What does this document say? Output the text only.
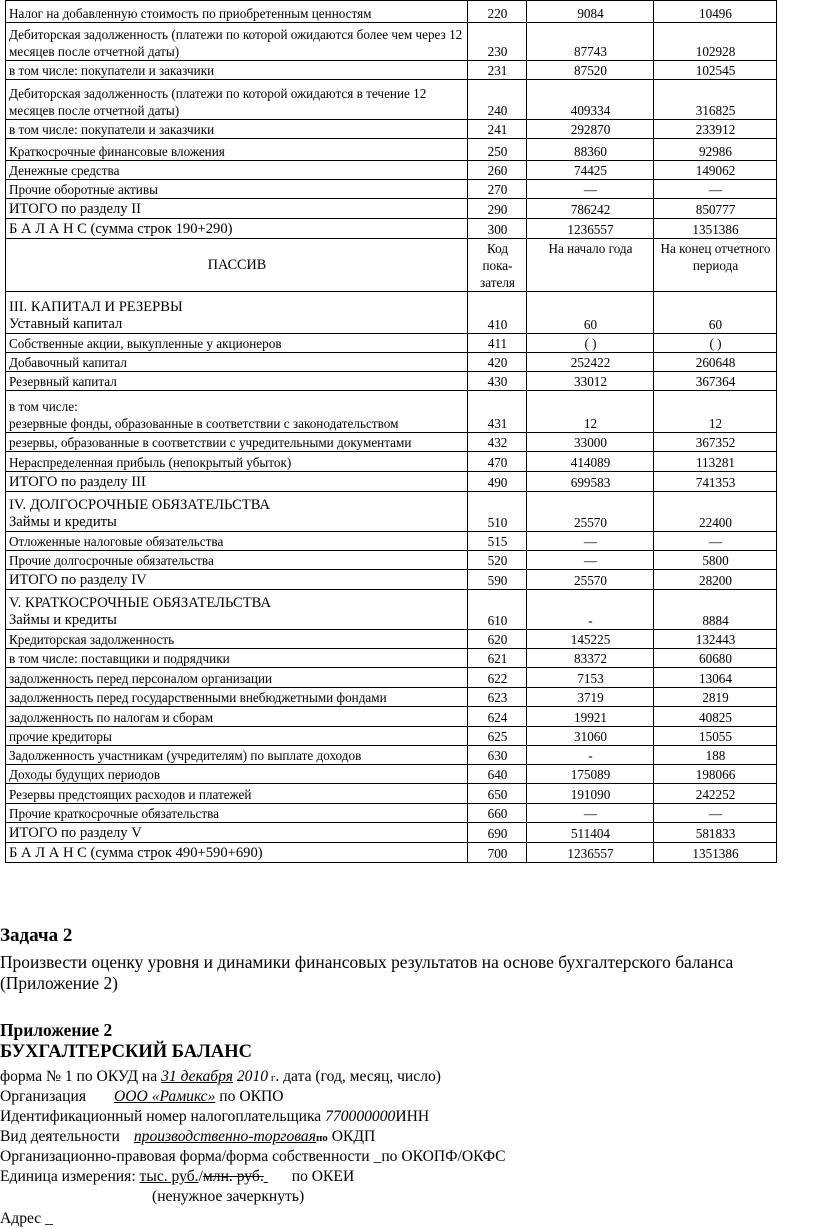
Налог на добавленную стоимость по приобретенным ценностям	220	9084	10496

Дебиторская задолженность (платежи по которой ожидаются более чем через 12 месяцев после отчетной даты)	230	87743	102928

в том числе: покупатели и заказчики	231	87520	102545

Дебиторская задолженность (платежи по которой ожидаются в течение 12 месяцев после отчетной даты)	240	409334	316825

в том числе: покупатели и заказчики	241	292870	233912

Краткосрочные финансовые вложения	250	88360	92986

Денежные средства	260	74425	149062

Прочие оборотные активы	270	—	—

ИТОГО по разделу II	290	786242	850777

Б А Л А Н С (сумма строк 190+290)	300	1236557	1351386
ПАССИВ	Код пока-зателя	На начало года	На конец отчетного периода

III. КАПИТАЛ И РЕЗЕРВЫ
Уставный капитал	410	60	60

Собственные акции, выкупленные у акционеров	411	( )	( )

Добавочный капитал	420	252422	260648

Резервный капитал	430	33012	367364

в том числе:
резервные фонды, образованные в соответствии с законодательством	431	12	12

резервы, образованные в соответствии с учредительными документами	432	33000	367352

Нераспределенная прибыль (непокрытый убыток)	470	414089	113281

ИТОГО по разделу III	490	699583	741353

IV. ДОЛГОСРОЧНЫЕ ОБЯЗАТЕЛЬСТВА
Займы и кредиты	510	25570	22400

Отложенные налоговые обязательства	515	—	—

Прочие долгосрочные обязательства	520	—	5800

ИТОГО по разделу IV	590	25570	28200

V. КРАТКОСРОЧНЫЕ ОБЯЗАТЕЛЬСТВА
Займы и кредиты	610	-	8884

Кредиторская задолженность	620	145225	132443

в том числе: поставщики и подрядчики	621	83372	60680

задолженность перед персоналом организации	622	7153	13064

задолженность перед государственными внебюджетными фондами	623	3719	2819

задолженность по налогам и сборам	624	19921	40825

прочие кредиторы	625	31060	15055

Задолженность участникам (учредителям) по выплате доходов	630	-	188

Доходы будущих периодов	640	175089	198066

Резервы предстоящих расходов и платежей	650	191090	242252

Прочие краткосрочные обязательства	660	—	—

ИТОГО по разделу V	690	511404	581833

Б А Л А Н С (сумма строк 490+590+690)	700	1236557	1351386
Задача 2
Произвести оценку уровня и динамики финансовых результатов на основе бухгалтерского баланса (Приложение 2)
Приложение 2
БУХГАЛТЕРСКИЙ БАЛАНС
форма № 1 по ОКУД на 31 декабря 2010 г. дата (год, месяц, число)
Организация ООО «Рамикс» по ОКПО
Идентификационный номер налогоплательщика 770000000ИНН
Вид деятельности производственно-торговаяпо ОКДП
Организационно-правовая форма/форма собственности _по ОКОПФ/ОКФС
Единица измерения: тыс. руб./млн. руб. по ОКЕИ
(ненужное зачеркнуть)
Адрес _
